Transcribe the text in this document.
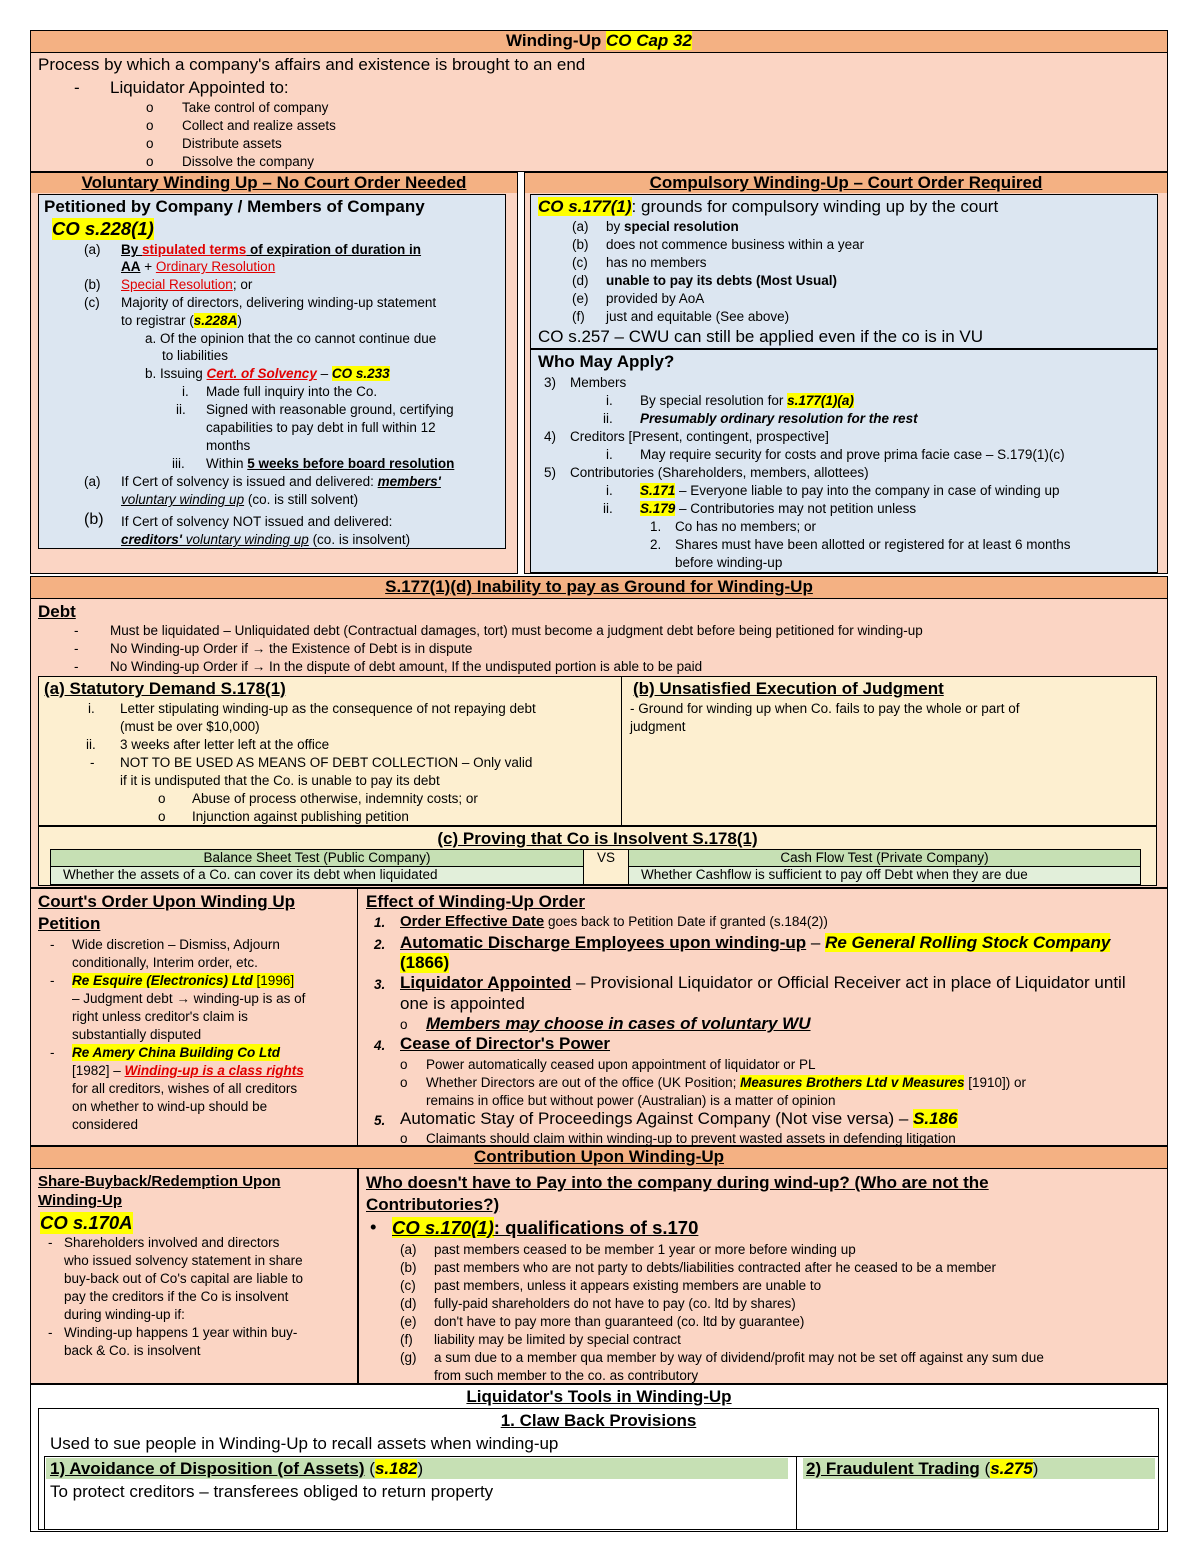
Winding-Up CO Cap 32
Process by which a company's affairs and existence is brought to an end
- Liquidator Appointed to:
o Take control of company
o Collect and realize assets
o Distribute assets
o Dissolve the company
Voluntary Winding Up – No Court Order Needed
Petitioned by Company / Members of Company
CO s.228(1)
(a) By stipulated terms of expiration of duration in
AA + Ordinary Resolution
(b) Special Resolution; or
(c) Majority of directors, delivering winding-up statement
to registrar (s.228A)
a. Of the opinion that the co cannot continue due
to liabilities
b. Issuing Cert. of Solvency – CO s.233
i. Made full inquiry into the Co.
ii. Signed with reasonable ground, certifying
capabilities to pay debt in full within 12
months
iii. Within 5 weeks before board resolution
(a) If Cert of solvency is issued and delivered: members'
voluntary winding up (co. is still solvent)
(b) If Cert of solvency NOT issued and delivered:
creditors' voluntary winding up (co. is insolvent)
Compulsory Winding-Up – Court Order Required
CO s.177(1): grounds for compulsory winding up by the court
(a) by special resolution
(b) does not commence business within a year
(c) has no members
(d) unable to pay its debts (Most Usual)
(e) provided by AoA
(f) just and equitable (See above)
CO s.257 – CWU can still be applied even if the co is in VU
Who May Apply?
3) Members
i. By special resolution for s.177(1)(a)
ii. Presumably ordinary resolution for the rest
4) Creditors [Present, contingent, prospective]
i. May require security for costs and prove prima facie case – S.179(1)(c)
5) Contributories (Shareholders, members, allottees)
i. S.171 – Everyone liable to pay into the company in case of winding up
ii. S.179 – Contributories may not petition unless
1. Co has no members; or
2. Shares must have been allotted or registered for at least 6 months
before winding-up
S.177(1)(d) Inability to pay as Ground for Winding-Up
Debt
- Must be liquidated – Unliquidated debt (Contractual damages, tort) must become a judgment debt before being petitioned for winding-up
- No Winding-up Order if → the Existence of Debt is in dispute
- No Winding-up Order if → In the dispute of debt amount, If the undisputed portion is able to be paid
(a) Statutory Demand S.178(1)
i. Letter stipulating winding-up as the consequence of not repaying debt
(must be over $10,000)
ii. 3 weeks after letter left at the office
- NOT TO BE USED AS MEANS OF DEBT COLLECTION – Only valid
if it is undisputed that the Co. is unable to pay its debt
o Abuse of process otherwise, indemnity costs; or
o Injunction against publishing petition
(b) Unsatisfied Execution of Judgment
- Ground for winding up when Co. fails to pay the whole or part of
judgment
(c) Proving that Co is Insolvent S.178(1)
Balance Sheet Test (Public Company)	VS	Cash Flow Test (Private Company)
Whether the assets of a Co. can cover its debt when liquidated	Whether Cashflow is sufficient to pay off Debt when they are due
Court's Order Upon Winding Up
Petition
- Wide discretion – Dismiss, Adjourn
conditionally, Interim order, etc.
- Re Esquire (Electronics) Ltd [1996]
– Judgment debt → winding-up is as of
right unless creditor's claim is
substantially disputed
- Re Amery China Building Co Ltd
[1982] – Winding-up is a class rights
for all creditors, wishes of all creditors
on whether to wind-up should be
considered
Effect of Winding-Up Order
1. Order Effective Date goes back to Petition Date if granted (s.184(2))
2. Automatic Discharge Employees upon winding-up – Re General Rolling Stock Company
(1866)
3. Liquidator Appointed – Provisional Liquidator or Official Receiver act in place of Liquidator until
one is appointed
o Members may choose in cases of voluntary WU
4. Cease of Director's Power
o Power automatically ceased upon appointment of liquidator or PL
o Whether Directors are out of the office (UK Position; Measures Brothers Ltd v Measures [1910]) or
remains in office but without power (Australian) is a matter of opinion
5. Automatic Stay of Proceedings Against Company (Not vise versa) – S.186
o Claimants should claim within winding-up to prevent wasted assets in defending litigation
Contribution Upon Winding-Up
Share-Buyback/Redemption Upon
Winding-Up
CO s.170A
- Shareholders involved and directors
who issued solvency statement in share
buy-back out of Co's capital are liable to
pay the creditors if the Co is insolvent
during winding-up if:
- Winding-up happens 1 year within buy-
back & Co. is insolvent
Who doesn't have to Pay into the company during wind-up? (Who are not the
Contributories?)
• CO s.170(1): qualifications of s.170
(a) past members ceased to be member 1 year or more before winding up
(b) past members who are not party to debts/liabilities contracted after he ceased to be a member
(c) past members, unless it appears existing members are unable to
(d) fully-paid shareholders do not have to pay (co. ltd by shares)
(e) don't have to pay more than guaranteed (co. ltd by guarantee)
(f) liability may be limited by special contract
(g) a sum due to a member qua member by way of dividend/profit may not be set off against any sum due
from such member to the co. as contributory
Liquidator's Tools in Winding-Up
1. Claw Back Provisions
Used to sue people in Winding-Up to recall assets when winding-up
1) Avoidance of Disposition (of Assets) (s.182)	2) Fraudulent Trading (s.275)
To protect creditors – transferees obliged to return property
